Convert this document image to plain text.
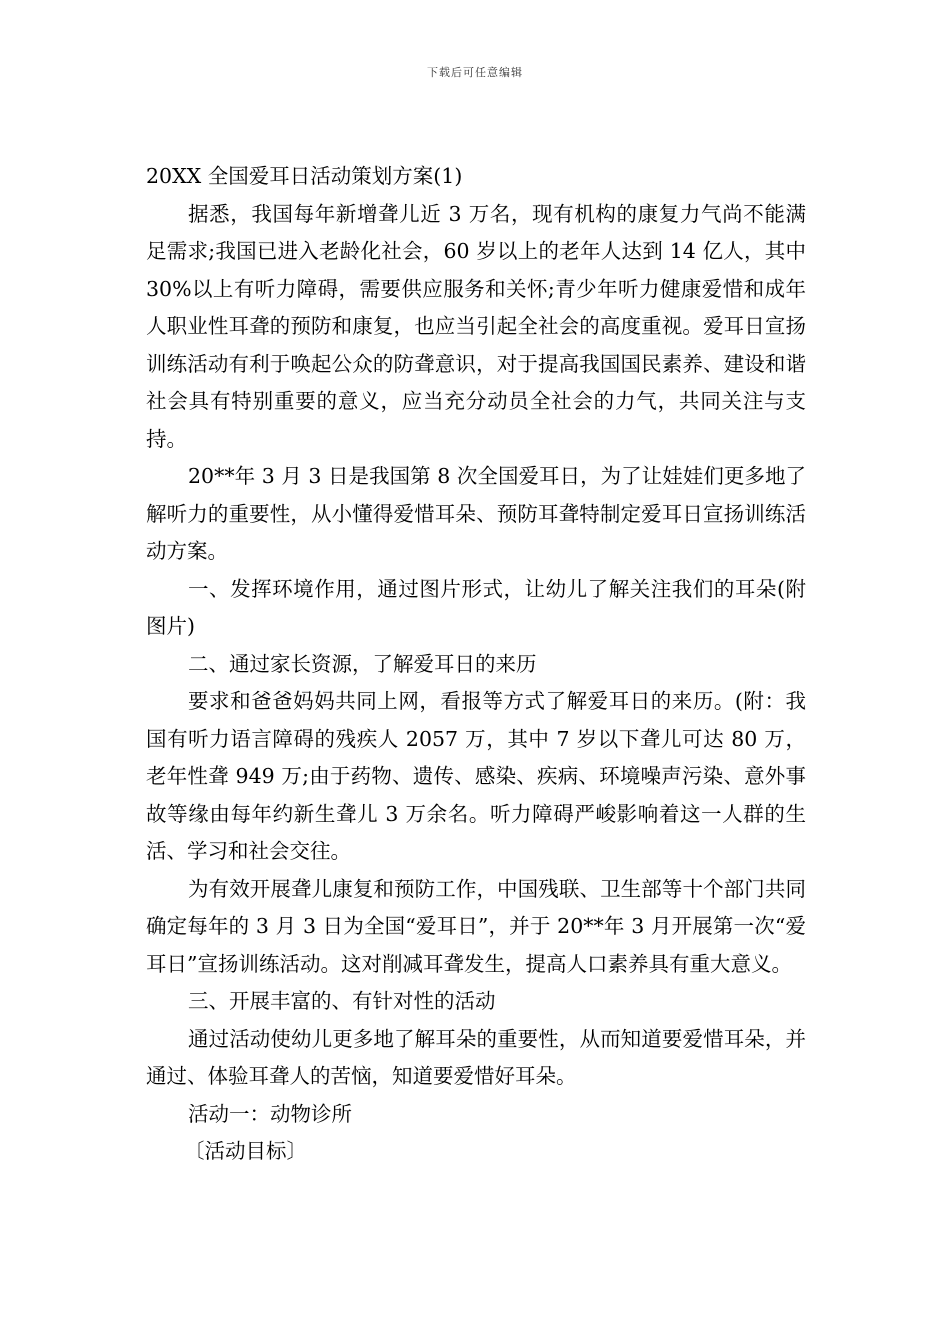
下载后可任意编辑
20XX 全国爱耳日活动策划方案(1)

据悉，我国每年新增聋儿近 3 万名，现有机构的康复力气尚不能满足需求;我国已进入老龄化社会，60 岁以上的老年人达到 14 亿人，其中 30%以上有听力障碍，需要供应服务和关怀;青少年听力健康爱惜和成年人职业性耳聋的预防和康复，也应当引起全社会的高度重视。爱耳日宣扬训练活动有利于唤起公众的防聋意识，对于提高我国国民素养、建设和谐社会具有特别重要的意义，应当充分动员全社会的力气，共同关注与支持。

20**年 3 月 3 日是我国第 8 次全国爱耳日，为了让娃娃们更多地了解听力的重要性，从小懂得爱惜耳朵、预防耳聋特制定爱耳日宣扬训练活动方案。

一、发挥环境作用，通过图片形式，让幼儿了解关注我们的耳朵(附图片)

二、通过家长资源，了解爱耳日的来历

要求和爸爸妈妈共同上网，看报等方式了解爱耳日的来历。(附：我国有听力语言障碍的残疾人 2057 万，其中 7 岁以下聋儿可达 80 万，老年性聋 949 万;由于药物、遗传、感染、疾病、环境噪声污染、意外事故等缘由每年约新生聋儿 3 万余名。听力障碍严峻影响着这一人群的生活、学习和社会交往。

为有效开展聋儿康复和预防工作，中国残联、卫生部等十个部门共同确定每年的 3 月 3 日为全国“爱耳日”，并于 20**年 3 月开展第一次“爱耳日”宣扬训练活动。这对削减耳聋发生，提高人口素养具有重大意义。

三、开展丰富的、有针对性的活动

通过活动使幼儿更多地了解耳朵的重要性，从而知道要爱惜耳朵，并通过、体验耳聋人的苦恼，知道要爱惜好耳朵。

活动一：动物诊所

〔活动目标〕
